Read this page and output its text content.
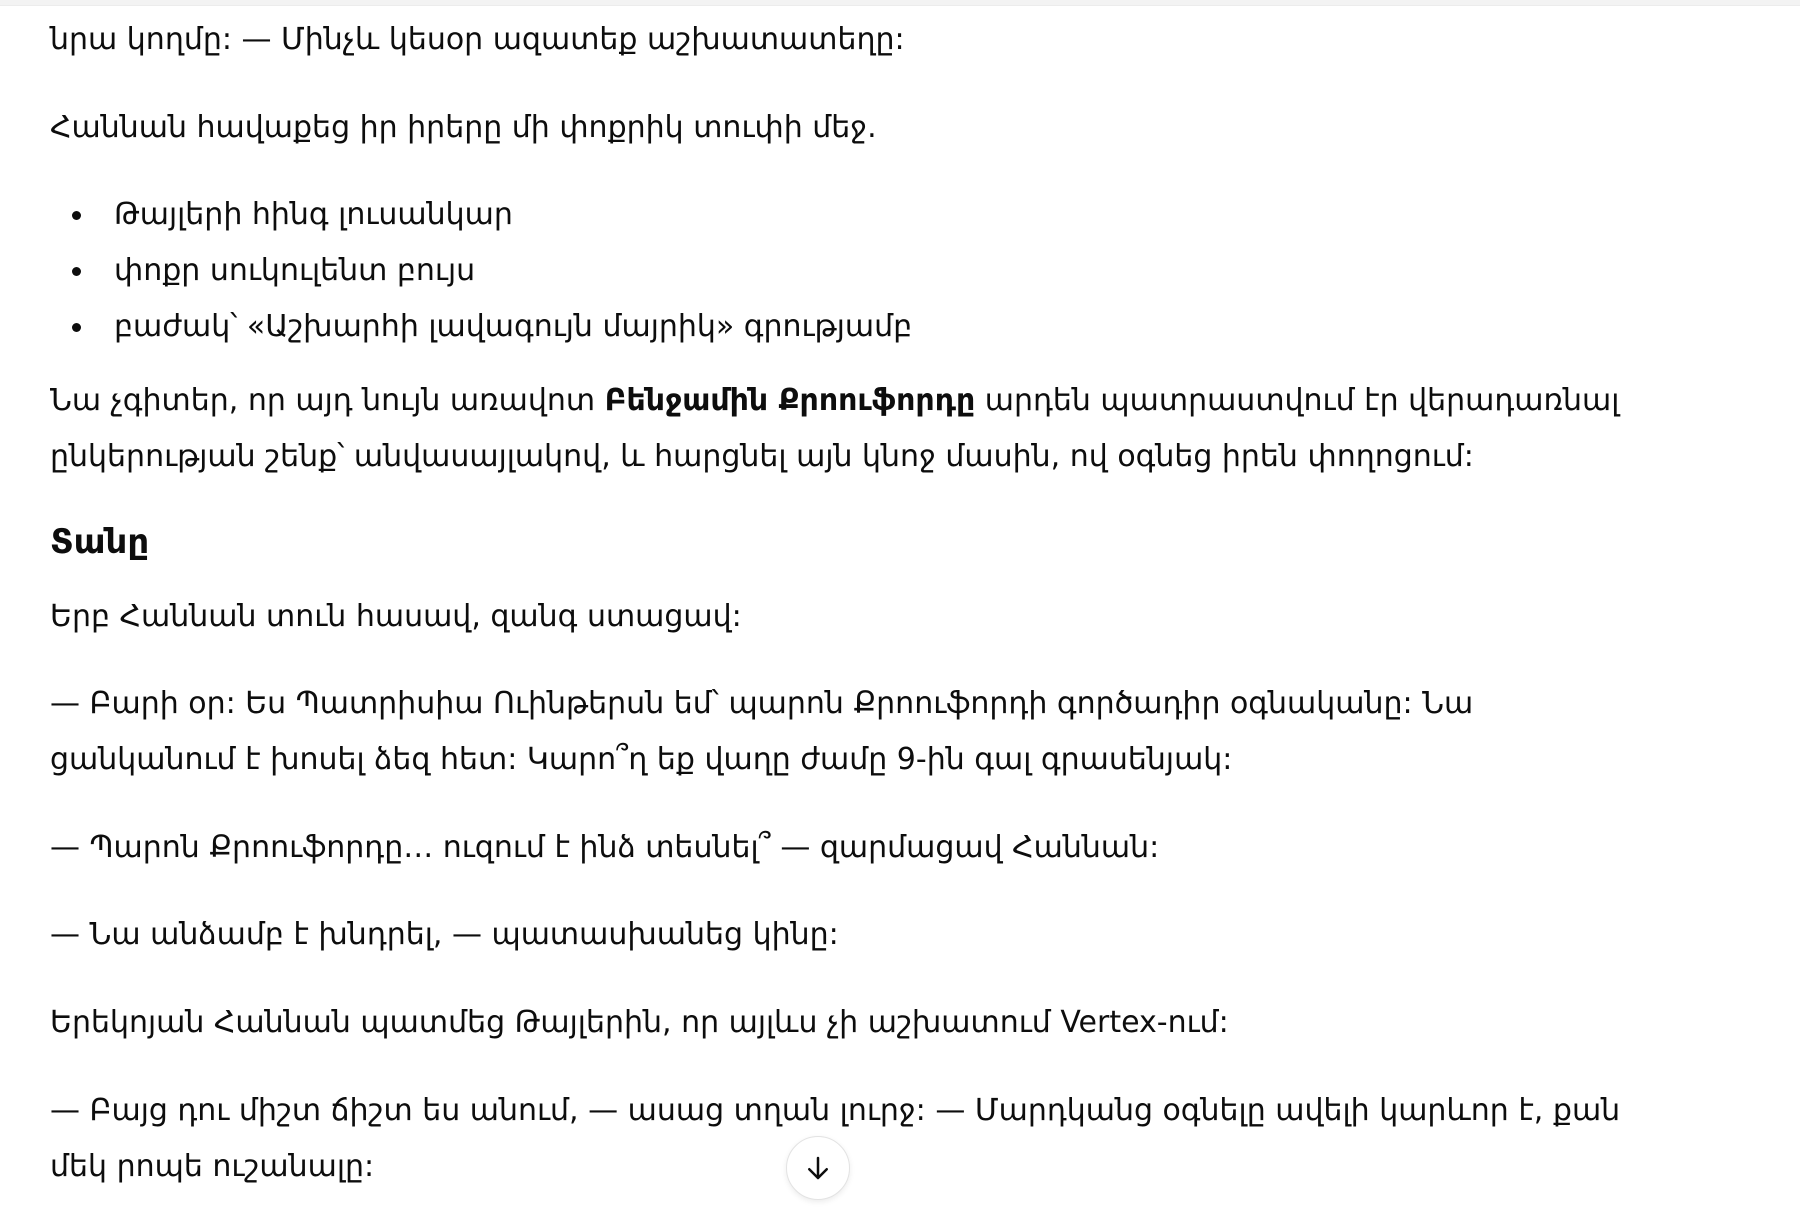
նրա կողմը: — Մինչև կեսօր ազատեք աշխատատեղը:
Հաննան հավաքեց իր իրերը մի փոքրիկ տուփի մեջ.
Թայլերի հինգ լուսանկար
փոքր սուկուլենտ բույս
բաժակ՝ «Աշխարհի լավագույն մայրիկ» գրությամբ
Նա չգիտեր, որ այդ նույն առավոտ Բենջամին Քրոուֆորդը արդեն պատրաստվում էր վերադառնալ
ընկերության շենք՝ անվասայլակով, և հարցնել այն կնոջ մասին, ով օգնեց իրեն փողոցում:
Տանը
Երբ Հաննան տուն հասավ, զանգ ստացավ:
— Բարի օր: Ես Պատրիսիա Ուինթերսն եմ՝ պարոն Քրոուֆորդի գործադիր օգնականը: Նա
ցանկանում է խոսել ձեզ հետ: Կարո՞ղ եք վաղը ժամը 9-ին գալ գրասենյակ:
— Պարոն Քրոուֆորդը… ուզում է ինձ տեսնել՞ — զարմացավ Հաննան:
— Նա անձամբ է խնդրել, — պատասխանեց կինը:
Երեկոյան Հաննան պատմեց Թայլերին, որ այլևս չի աշխատում Vertex-ում:
— Բայց դու միշտ ճիշտ ես անում, — ասաց տղան լուրջ: — Մարդկանց օգնելը ավելի կարևոր է, քան
մեկ րոպե ուշանալը:
